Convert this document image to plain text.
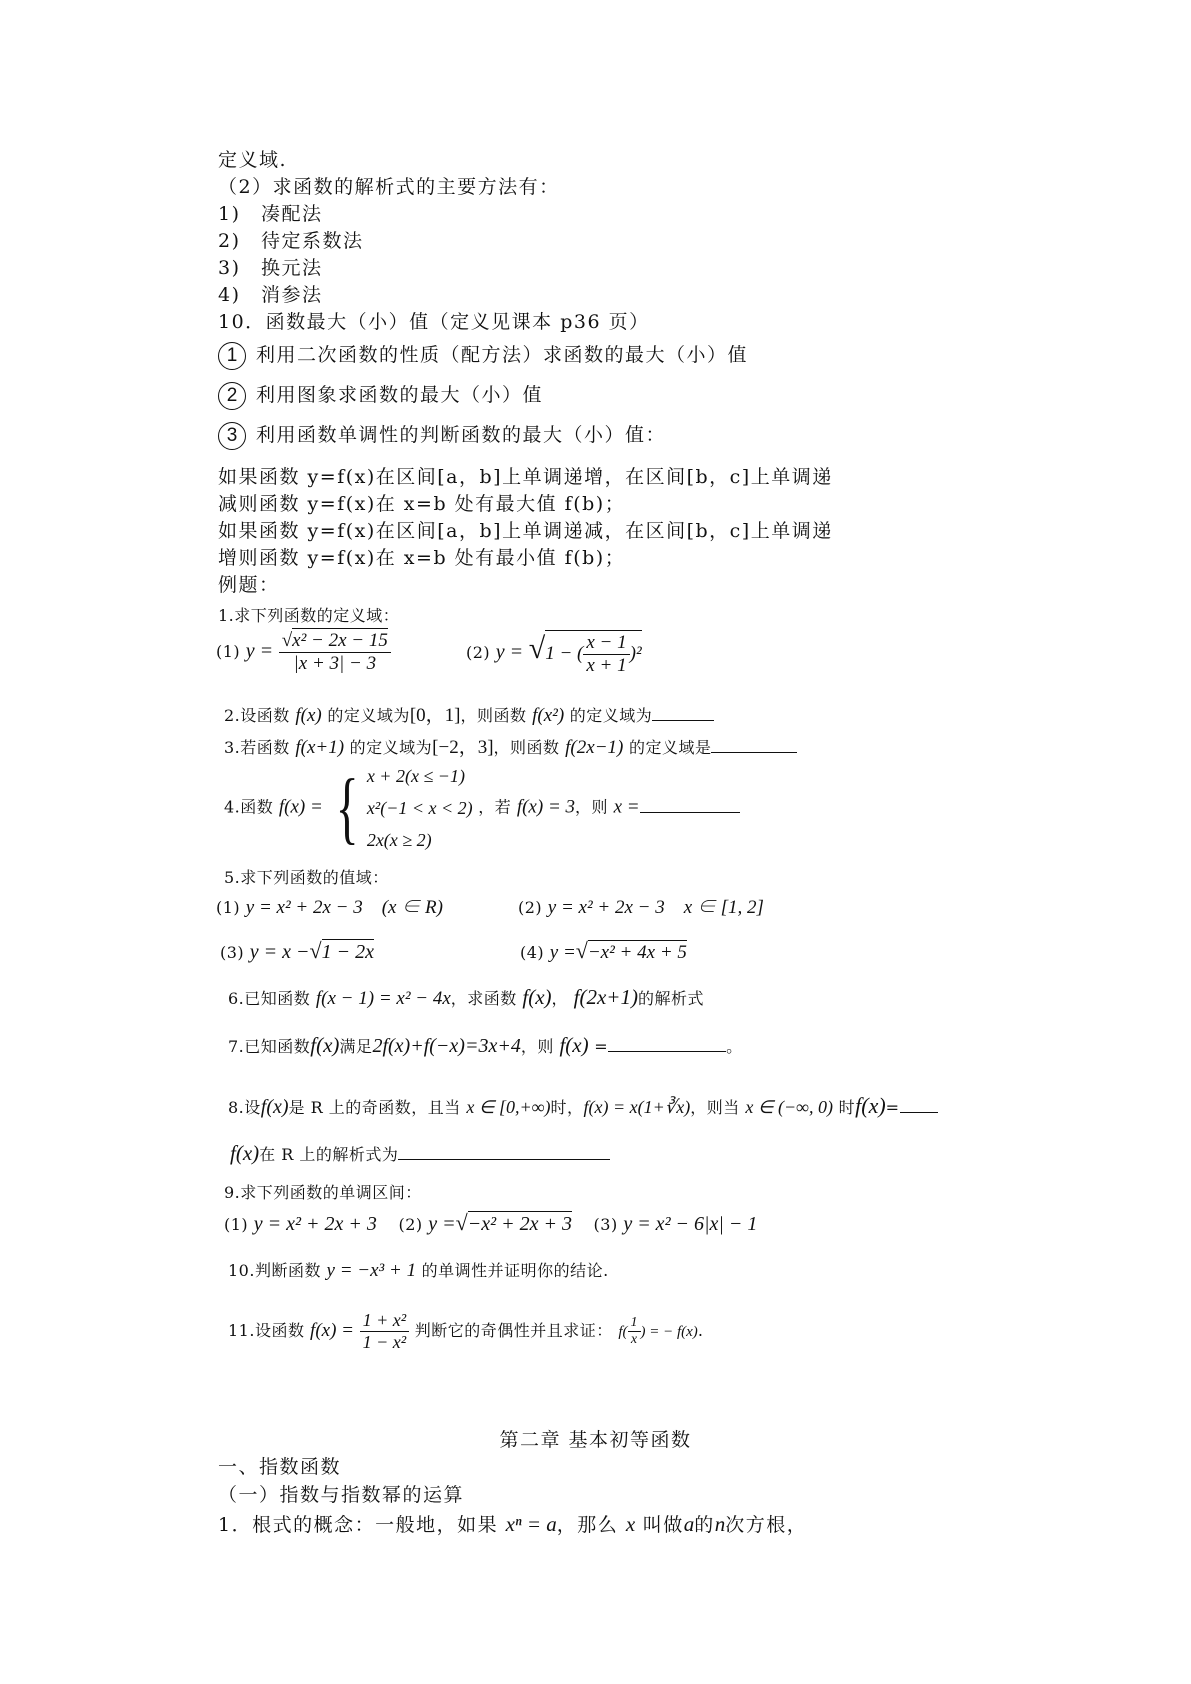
定义域.
（2）求函数的解析式的主要方法有：
1)　凑配法
2)　待定系数法
3)　换元法
4)　消参法
10．函数最大（小）值（定义见课本 p36 页）
1 利用二次函数的性质（配方法）求函数的最大（小）值
2 利用图象求函数的最大（小）值
3 利用函数单调性的判断函数的最大（小）值：
如果函数 y=f(x)在区间[a，b]上单调递增，在区间[b，c]上单调递
减则函数 y=f(x)在 x=b 处有最大值 f(b)；
如果函数 y=f(x)在区间[a，b]上单调递减，在区间[b，c]上单调递
增则函数 y=f(x)在 x=b 处有最小值 f(b)；
例题：
1.求下列函数的定义域：
(1) $y = \frac{\text{√x² − 2x − 15}}{|x + 3| - 3}$	(2) y = √1 − ( $\frac{x - 1}{x + 1} )^2$
2.设函数 f(x) 的定义域为[0，1]，则函数 f(x²) 的定义域为
3.若函数 f(x+1) 的定义域为[−2，3]，则函数 f(2x−1) 的定义域是
4.函数 f(x) = { x + 2(x ≤ −1)
x²(−1 < x < 2)
2x(x ≥ 2)
，若 f(x) = 3，则 x =
5.求下列函数的值域：
(1) y = x² + 2x − 3　(x ∈ R)	(2) y = x² + 2x − 3　x ∈ [1, 2]
(3) y = x −√1 − 2x	(4) y =√−x² + 4x + 5
6.已知函数 f(x − 1) = x² − 4x，求函数 f(x)， f(2x+1)的解析式
7.已知函数f(x)满足2f(x)+f(−x)=3x+4，则 f(x) =	。
8.设f(x)是 R 上的奇函数，且当 x ∈ [0,+∞)时，f(x) = x(1+∛x)，则当 x ∈ (−∞, 0) 时f(x)=
f(x)在 R 上的解析式为
9.求下列函数的单调区间：
(1) y = x² + 2x + 3 (2) y =√−x² + 2x + 3 (3) y = x² − 6|x| − 1
10.判断函数 y = −x³ + 1 的单调性并证明你的结论.
11.设函数 $f(x) = \frac{\text{1 + x²}}{\text{1 − x²}}$ 判断它的奇偶性并且求证： $f( \frac{1}{x}$ ) = − f(x).
第二章 基本初等函数
一、指数函数
（一）指数与指数幂的运算
1．根式的概念：一般地，如果 xⁿ = a，那么 x 叫做a的n次方根，
